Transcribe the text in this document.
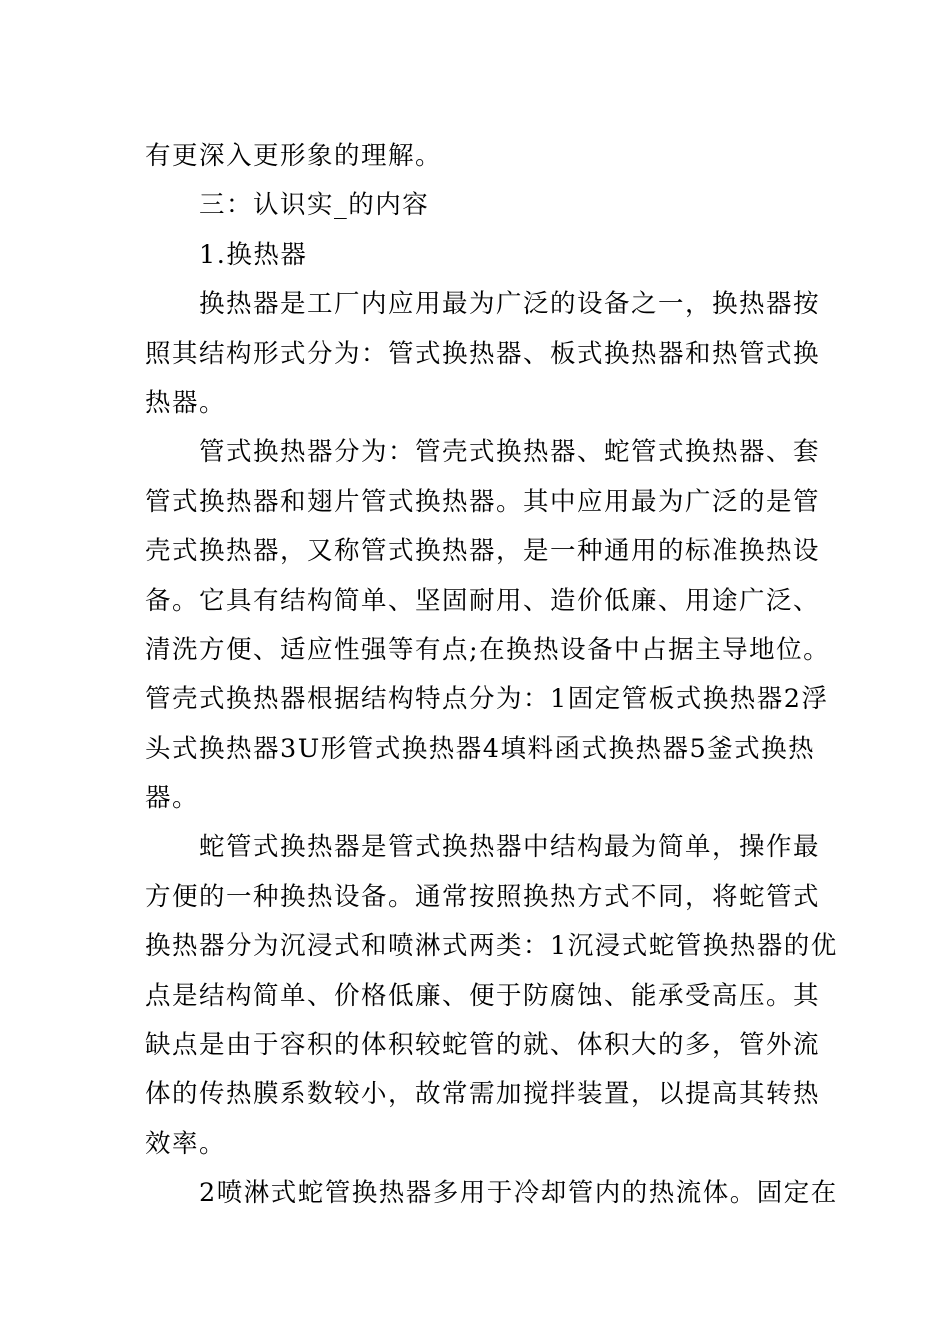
有更深入更形象的理解。
三：认识实_的内容
1.换热器
换热器是工厂内应用最为广泛的设备之一，换热器按
照其结构形式分为：管式换热器、板式换热器和热管式换
热器。
管式换热器分为：管壳式换热器、蛇管式换热器、套
管式换热器和翅片管式换热器。其中应用最为广泛的是管
壳式换热器，又称管式换热器，是一种通用的标准换热设
备。它具有结构简单、坚固耐用、造价低廉、用途广泛、
清洗方便、适应性强等有点;在换热设备中占据主导地位。
管壳式换热器根据结构特点分为：1固定管板式换热器2浮
头式换热器3U形管式换热器4填料函式换热器5釜式换热
器。
蛇管式换热器是管式换热器中结构最为简单，操作最
方便的一种换热设备。通常按照换热方式不同，将蛇管式
换热器分为沉浸式和喷淋式两类：1沉浸式蛇管换热器的优
点是结构简单、价格低廉、便于防腐蚀、能承受高压。其
缺点是由于容积的体积较蛇管的就、体积大的多，管外流
体的传热膜系数较小，故常需加搅拌装置，以提高其转热
效率。
2喷淋式蛇管换热器多用于冷却管内的热流体。固定在
